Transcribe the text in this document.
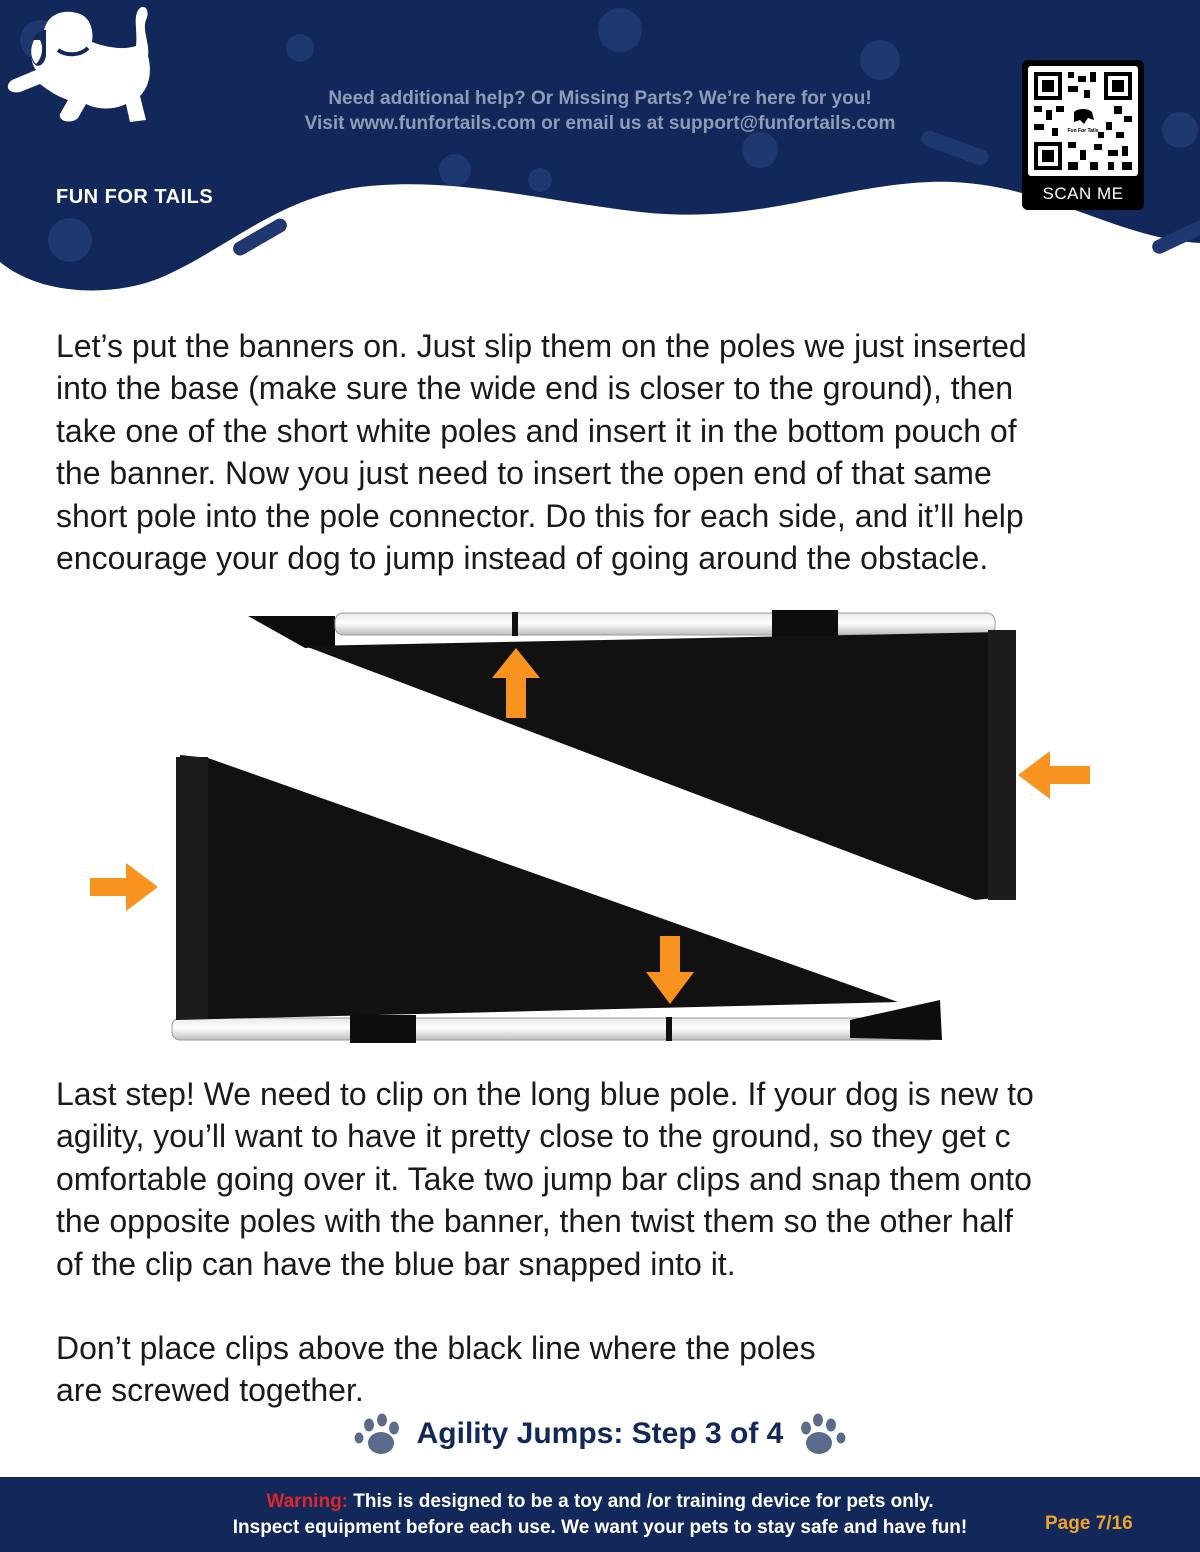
FUN FOR TAILS
Need additional help? Or Missing Parts? We’re here for you!
Visit www.funfortails.com or email us at support@funfortails.com	Fun For Tails
SCAN ME
Let’s put the banners on. Just slip them on the poles we just inserted
into the base (make sure the wide end is closer to the ground), then
take one of the short white poles and insert it in the bottom pouch of
the banner. Now you just need to insert the open end of that same
short pole into the pole connector. Do this for each side, and it’ll help
encourage your dog to jump instead of going around the obstacle.
Last step! We need to clip on the long blue pole. If your dog is new to
agility, you’ll want to have it pretty close to the ground, so they get c
omfortable going over it. Take two jump bar clips and snap them onto
the opposite poles with the banner, then twist them so the other half
of the clip can have the blue bar snapped into it.
Don’t place clips above the black line where the poles
are screwed together.
Agility Jumps: Step 3 of 4
Warning: This is designed to be a toy and /or training device for pets only.
Inspect equipment before each use. We want your pets to stay safe and have fun!	Page 7/16
